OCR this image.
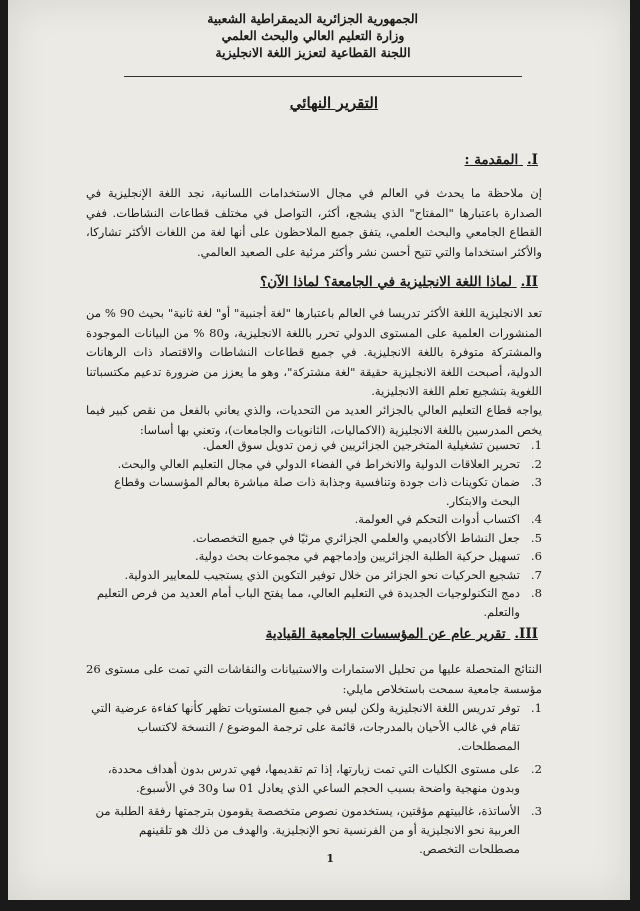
الجمهورية الجزائرية الديمقراطية الشعبية
وزارة التعليم العالي والبحث العلمي
اللجنة القطاعية لتعزيز اللغة الانجليزية
التقرير النهائي
I. المقدمة :
إن ملاحظة ما يحدث في العالم في مجال الاستخدامات اللسانية، نجد اللغة الإنجليزية في الصدارة باعتبارها "المفتاح" الذي يشجع، أكثر، التواصل في مختلف قطاعات النشاطات. ففي القطاع الجامعي والبحث العلمي، يتفق جميع الملاحظون على أنها لغة من اللغات الأكثر تشاركا، والأكثر استخداما والتي تتيح أحسن نشر وأكثر مرئية على الصعيد العالمي.
II. لماذا اللغة الانجليزية في الجامعة؟ لماذا الآن؟
تعد الانجليزية اللغة الأكثر تدريسا في العالم باعتبارها "لغة أجنبية" أو" لغة ثانية" بحيث 90 % من المنشورات العلمية على المستوى الدولي تحرر باللغة الانجليزية، و80 % من البيانات الموجودة والمشتركة متوفرة باللغة الانجليزية. في جميع قطاعات النشاطات والاقتصاد ذات الرهانات الدولية، أصبحت اللغة الانجليزية حقيقة "لغة مشتركة"، وهو ما يعزز من ضرورة تدعيم مكتسباتنا اللغوية بتشجيع تعلم اللغة الانجليزية.
يواجه قطاع التعليم العالي بالجزائر العديد من التحديات، والذي يعاني بالفعل من نقص كبير فيما يخص المدرسين باللغة الانجليزية (الاكماليات، الثانويات والجامعات)، وتعني بها أساسا:
1.
تحسين تشغيلية المتخرجين الجزائريين في زمن تدويل سوق العمل.
2.
تحرير العلاقات الدولية والانخراط في الفضاء الدولي في مجال التعليم العالي والبحث.
3.
ضمان تكوينات ذات جودة وتنافسية وجذابة ذات صلة مباشرة بعالم المؤسسات وقطاع البحث والابتكار.
4.
اكتساب أدوات التحكم في العولمة.
5.
جعل النشاط الأكاديمي والعلمي الجزائري مرئيًا في جميع التخصصات.
6.
تسهيل حركية الطلبة الجزائريين وإدماجهم في مجموعات بحث دولية.
7.
تشجيع الحركيات نحو الجزائر من خلال توفير التكوين الذي يستجيب للمعايير الدولية.
8.
دمج التكنولوجيات الجديدة في التعليم العالي، مما يفتح الباب أمام العديد من فرص التعليم والتعلم.
III. تقرير عام عن المؤسسات الجامعية القيادية
النتائج المتحصلة عليها من تحليل الاستمارات والاستبيانات والنقاشات التي تمت على مستوى 26 مؤسسة جامعية سمحت باستخلاص مايلي:
1.
توفر تدريس اللغة الانجليزية ولكن ليس في جميع المستويات تظهر كأنها كفاءة عرضية التي تقام في غالب الأحيان بالمدرجات، قائمة على ترجمة الموضوع / النسخة لاكتساب المصطلحات.
2.
على مستوى الكليات التي تمت زيارتها، إذا تم تقديمها، فهي تدرس بدون أهداف محددة، وبدون منهجية واضحة بسبب الحجم الساعي الذي يعادل 01 سا و30 في الأسبوع.
3.
الأساتذة، غالبيتهم مؤقتين، يستخدمون نصوص متخصصة يقومون بترجمتها رفقة الطلبة من العربية نحو الانجليزية أو من الفرنسية نحو الإنجليزية. والهدف من ذلك هو تلقينهم مصطلحات التخصص.
1
